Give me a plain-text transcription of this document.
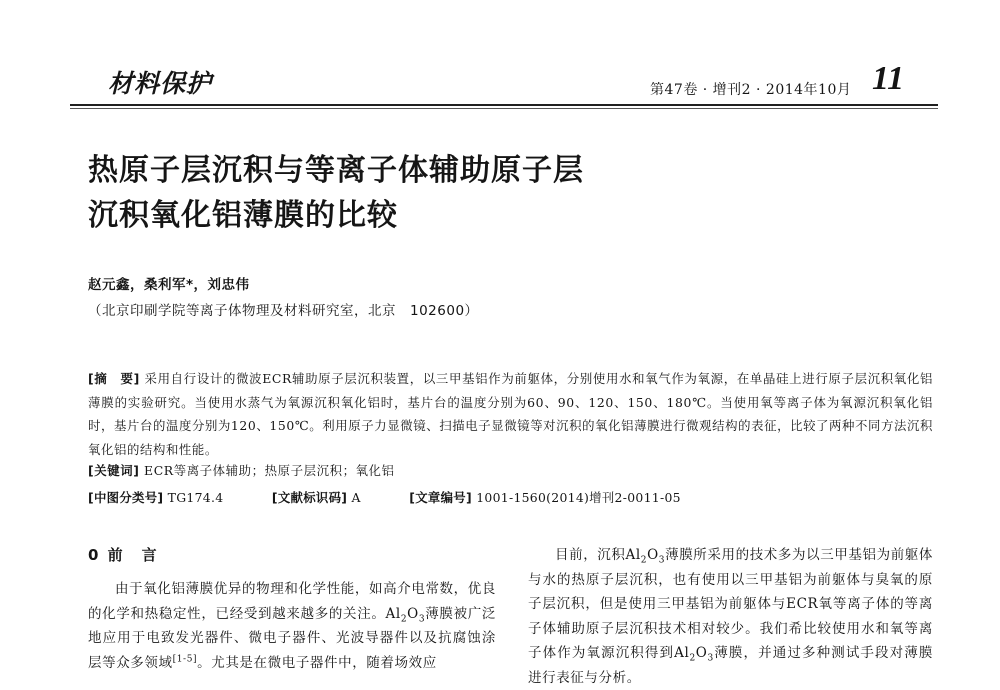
材料保护	第47卷 · 增刊2 · 2014年10月 11
热原子层沉积与等离子体辅助原子层
沉积氧化铝薄膜的比较
赵元鑫，桑利军*，刘忠伟
（北京印刷学院等离子体物理及材料研究室，北京　102600）
[摘　要] 采用自行设计的微波ECR辅助原子层沉积装置，以三甲基铝作为前躯体，分别使用水和氧气作为氧源，在单晶硅上进行原子层沉积氧化铝薄膜的实验研究。当使用水蒸气为氧源沉积氧化铝时，基片台的温度分别为60、90、120、150、180℃。当使用氧等离子体为氧源沉积氧化铝时，基片台的温度分别为120、150℃。利用原子力显微镜、扫描电子显微镜等对沉积的氧化铝薄膜进行微观结构的表征，比较了两种不同方法沉积氧化铝的结构和性能。
[关键词] ECR等离子体辅助；热原子层沉积；氧化铝
[中图分类号] TG174.4	[文献标识码] A	[文章编号] 1001-1560(2014)增刊2-0011-05
0 前　言
由于氧化铝薄膜优异的物理和化学性能，如高介电常数，优良的化学和热稳定性，已经受到越来越多的关注。$Al_2O_3$薄膜被广泛地应用于电致发光器件、微电子器件、光波导器件以及抗腐蚀涂层等众多领域[1-5]。尤其是在微电子器件中，随着场效应
目前，沉积$Al_2O_3$薄膜所采用的技术多为以三甲基铝为前躯体与水的热原子层沉积，也有使用以三甲基铝为前躯体与臭氧的原子层沉积，但是使用三甲基铝为前躯体与ECR氧等离子体的等离子体辅助原子层沉积技术相对较少。我们希比较使用水和氧等离子体作为氧源沉积得到$Al_2O_3$薄膜，并通过多种测试手段对薄膜进行表征与分析。
